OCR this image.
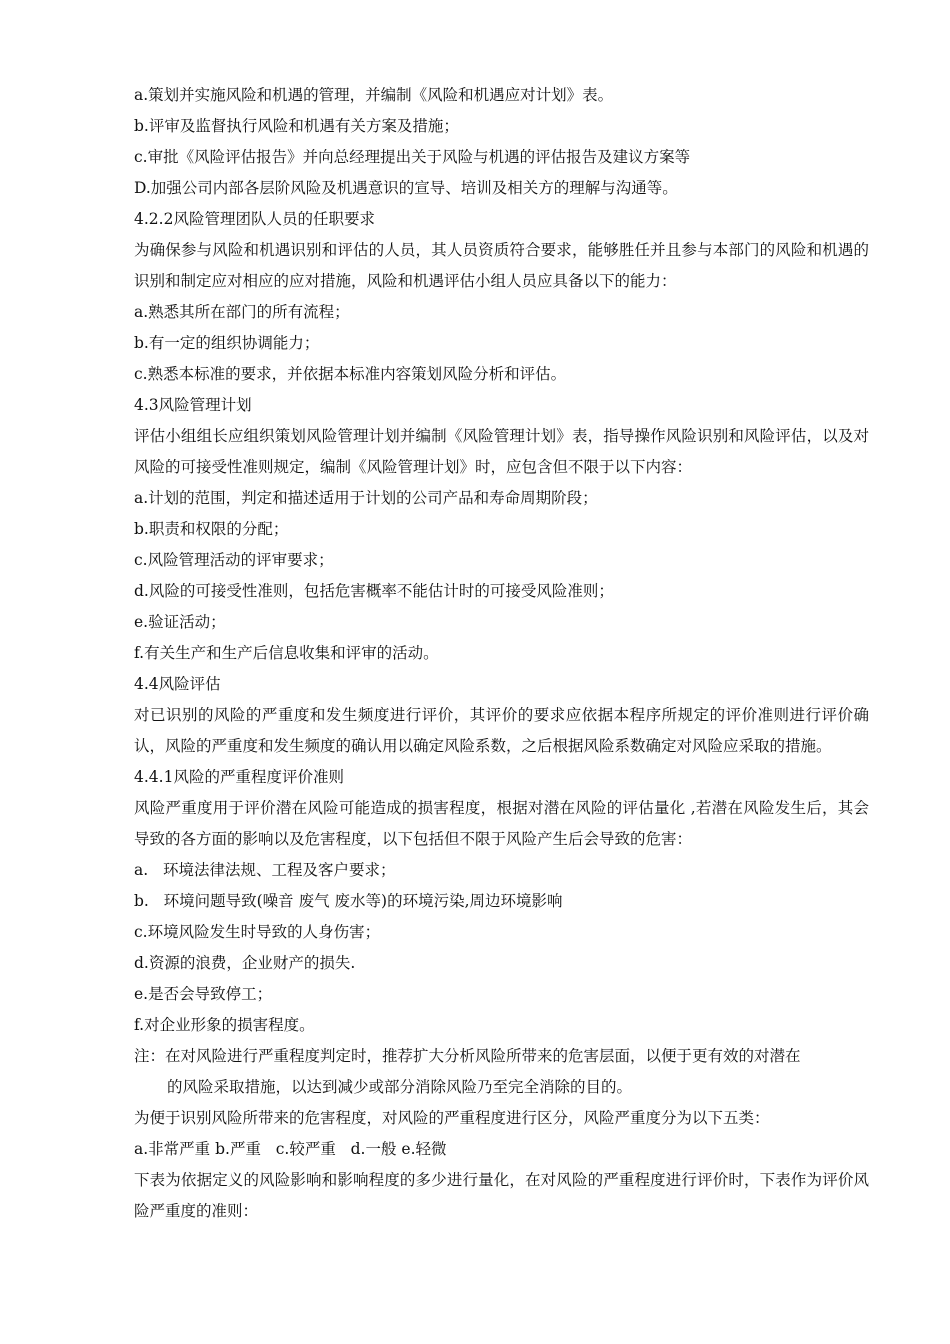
a.策划并实施风险和机遇的管理，并编制《风险和机遇应对计划》表。
b.评审及监督执行风险和机遇有关方案及措施；
c.审批《风险评估报告》并向总经理提出关于风险与机遇的评估报告及建议方案等
D.加强公司内部各层阶风险及机遇意识的宣导、培训及相关方的理解与沟通等。
4.2.2风险管理团队人员的任职要求
为确保参与风险和机遇识别和评估的人员，其人员资质符合要求，能够胜任并且参与本部门的风险和机遇的识别和制定应对相应的应对措施，风险和机遇评估小组人员应具备以下的能力：
a.熟悉其所在部门的所有流程；
b.有一定的组织协调能力；
c.熟悉本标准的要求，并依据本标准内容策划风险分析和评估。
4.3风险管理计划
评估小组组长应组织策划风险管理计划并编制《风险管理计划》表，指导操作风险识别和风险评估，以及对风险的可接受性准则规定，编制《风险管理计划》时，应包含但不限于以下内容：
a.计划的范围，判定和描述适用于计划的公司产品和寿命周期阶段；
b.职责和权限的分配；
c.风险管理活动的评审要求；
d.风险的可接受性准则，包括危害概率不能估计时的可接受风险准则；
e.验证活动；
f.有关生产和生产后信息收集和评审的活动。
4.4风险评估
对已识别的风险的严重度和发生频度进行评价，其评价的要求应依据本程序所规定的评价准则进行评价确认，风险的严重度和发生频度的确认用以确定风险系数，之后根据风险系数确定对风险应采取的措施。
4.4.1风险的严重程度评价准则
风险严重度用于评价潜在风险可能造成的损害程度，根据对潜在风险的评估量化 ,若潜在风险发生后，其会导致的各方面的影响以及危害程度，以下包括但不限于风险产生后会导致的危害：
a.   环境法律法规、工程及客户要求；
b.   环境问题导致(噪音 废气 废水等)的环境污染,周边环境影响
c.环境风险发生时导致的人身伤害；
d.资源的浪费，企业财产的损失.
e.是否会导致停工；
f.对企业形象的损害程度。
注：在对风险进行严重程度判定时，推荐扩大分析风险所带来的危害层面，以便于更有效的对潜在
的风险采取措施，以达到减少或部分消除风险乃至完全消除的目的。
为便于识别风险所带来的危害程度，对风险的严重程度进行区分，风险严重度分为以下五类：
a.非常严重 b.严重   c.较严重   d.一般 e.轻微
下表为依据定义的风险影响和影响程度的多少进行量化，在对风险的严重程度进行评价时，下表作为评价风险严重度的准则：
